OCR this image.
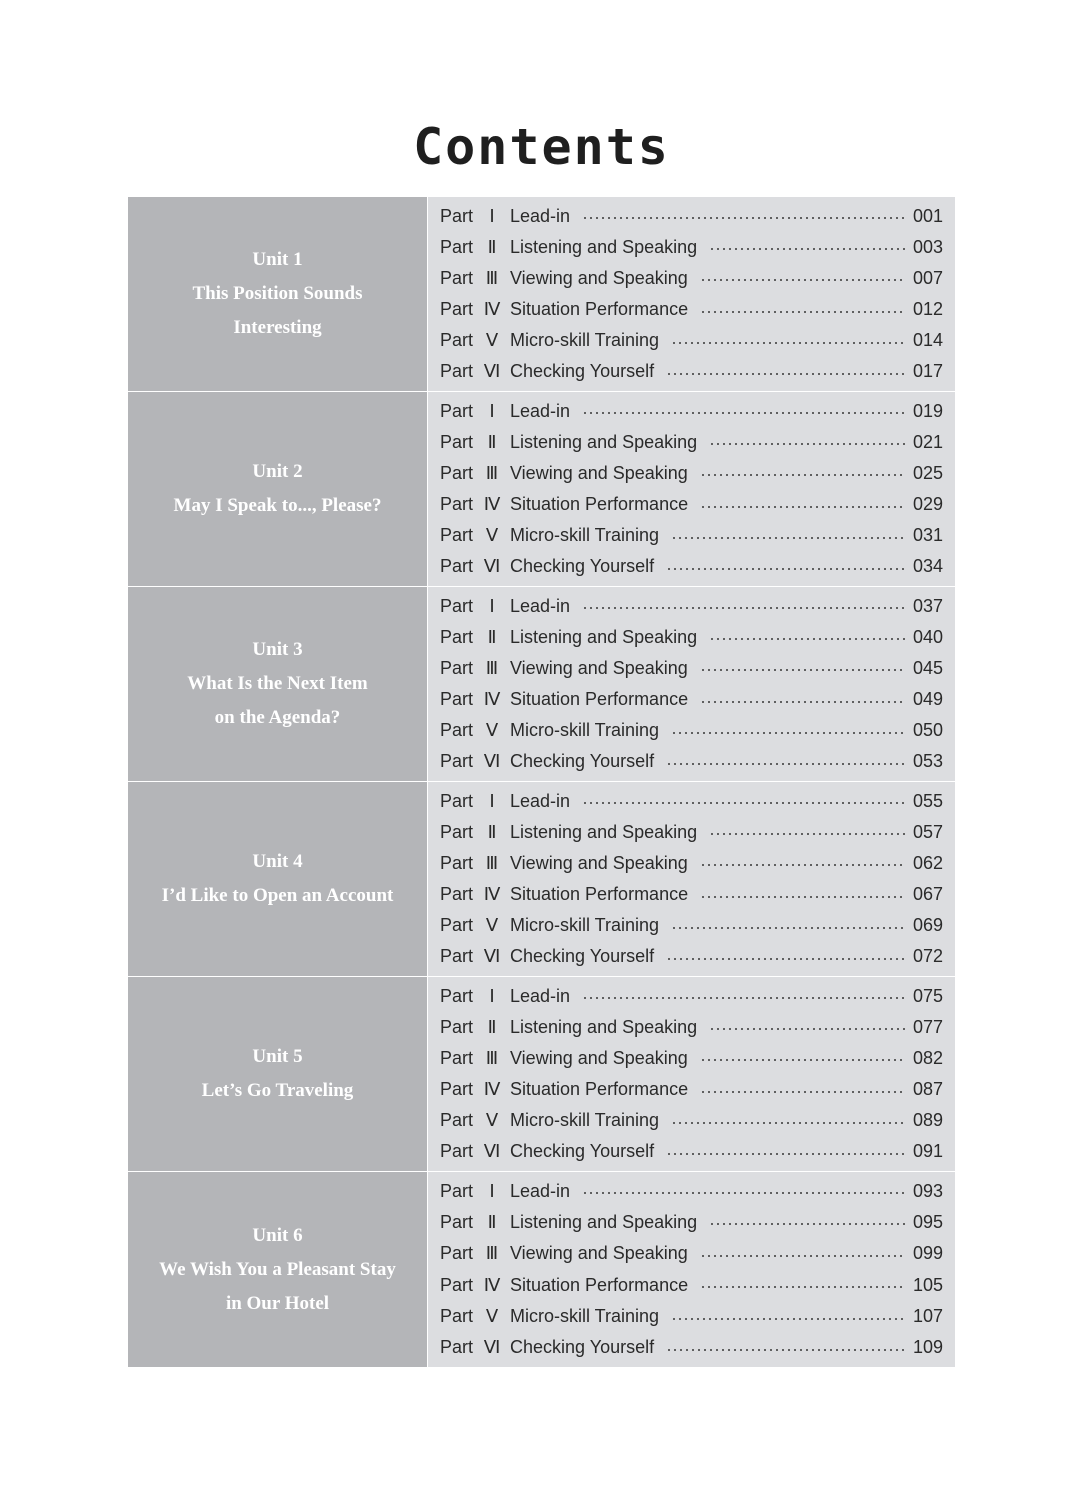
Contents
Unit 1
This Position Sounds
Interesting
Part Ⅰ Lead-in	001
Part Ⅱ Listening and Speaking	003
Part Ⅲ Viewing and Speaking	007
Part Ⅳ Situation Performance	012
Part Ⅴ Micro-skill Training	014
Part Ⅵ Checking Yourself	017
Unit 2
May I Speak to..., Please?
Part Ⅰ Lead-in	019
Part Ⅱ Listening and Speaking	021
Part Ⅲ Viewing and Speaking	025
Part Ⅳ Situation Performance	029
Part Ⅴ Micro-skill Training	031
Part Ⅵ Checking Yourself	034
Unit 3
What Is the Next Item
on the Agenda?
Part Ⅰ Lead-in	037
Part Ⅱ Listening and Speaking	040
Part Ⅲ Viewing and Speaking	045
Part Ⅳ Situation Performance	049
Part Ⅴ Micro-skill Training	050
Part Ⅵ Checking Yourself	053
Unit 4
I’d Like to Open an Account
Part Ⅰ Lead-in	055
Part Ⅱ Listening and Speaking	057
Part Ⅲ Viewing and Speaking	062
Part Ⅳ Situation Performance	067
Part Ⅴ Micro-skill Training	069
Part Ⅵ Checking Yourself	072
Unit 5
Let’s Go Traveling
Part Ⅰ Lead-in	075
Part Ⅱ Listening and Speaking	077
Part Ⅲ Viewing and Speaking	082
Part Ⅳ Situation Performance	087
Part Ⅴ Micro-skill Training	089
Part Ⅵ Checking Yourself	091
Unit 6
We Wish You a Pleasant Stay
in Our Hotel
Part Ⅰ Lead-in	093
Part Ⅱ Listening and Speaking	095
Part Ⅲ Viewing and Speaking	099
Part Ⅳ Situation Performance	105
Part Ⅴ Micro-skill Training	107
Part Ⅵ Checking Yourself	109
